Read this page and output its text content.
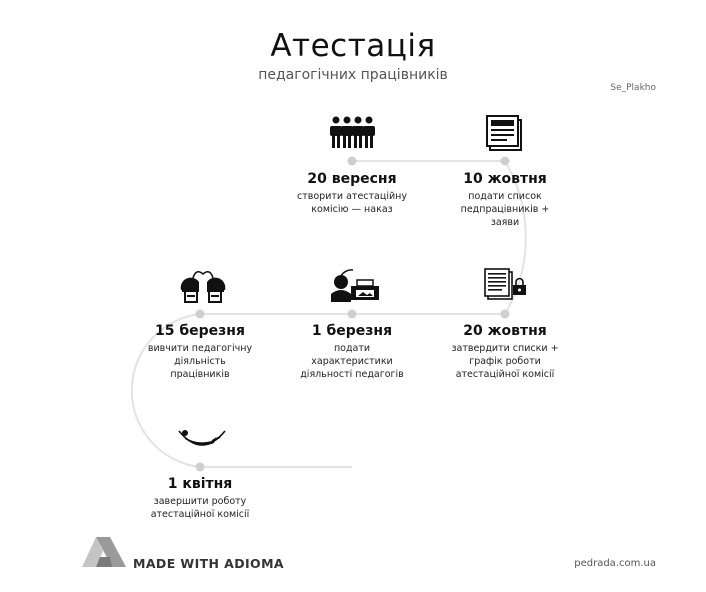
Атестація
педагогічних працівників
Se_Plakho
20 вересня
створити атестаційну
комісію — наказ
10 жовтня
подати список
педпрацівників +
заяви
20 жовтня
затвердити списки +
графік роботи
атестаційної комісії
1 березня
подати
характеристики
діяльності педагогів
15 березня
вивчити педагогічну
діяльність
працівників
1 квітня
завершити роботу
атестаційної комісії
MADE WITH ADIOMA	pedrada.com.ua
